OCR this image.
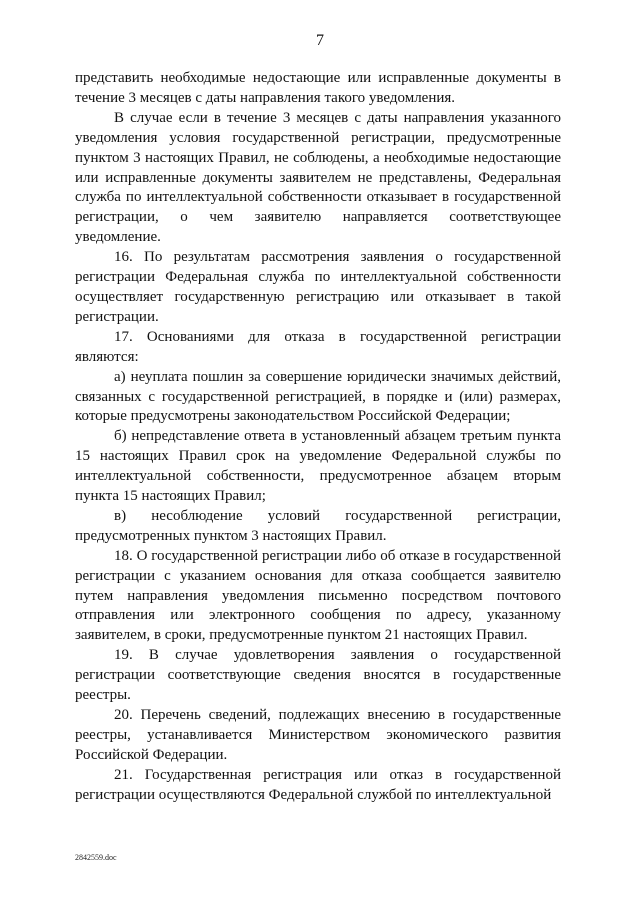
7

представить необходимые недостающие или исправленные документы в течение 3 месяцев с даты направления такого уведомления.

В случае если в течение 3 месяцев с даты направления указанного уведомления условия государственной регистрации, предусмотренные пунктом 3 настоящих Правил, не соблюдены, а необходимые недостающие или исправленные документы заявителем не представлены, Федеральная служба по интеллектуальной собственности отказывает в государственной регистрации, о чем заявителю направляется соответствующее уведомление.

16. По результатам рассмотрения заявления о государственной регистрации Федеральная служба по интеллектуальной собственности осуществляет государственную регистрацию или отказывает в такой регистрации.

17. Основаниями для отказа в государственной регистрации являются:

а) неуплата пошлин за совершение юридически значимых действий, связанных с государственной регистрацией, в порядке и (или) размерах, которые предусмотрены законодательством Российской Федерации;

б) непредставление ответа в установленный абзацем третьим пункта 15 настоящих Правил срок на уведомление Федеральной службы по интеллектуальной собственности, предусмотренное абзацем вторым пункта 15 настоящих Правил;

в) несоблюдение условий государственной регистрации, предусмотренных пунктом 3 настоящих Правил.

18. О государственной регистрации либо об отказе в государственной регистрации с указанием основания для отказа сообщается заявителю путем направления уведомления письменно посредством почтового отправления или электронного сообщения по адресу, указанному заявителем, в сроки, предусмотренные пунктом 21 настоящих Правил.

19. В случае удовлетворения заявления о государственной регистрации соответствующие сведения вносятся в государственные реестры.

20. Перечень сведений, подлежащих внесению в государственные реестры, устанавливается Министерством экономического развития Российской Федерации.

21. Государственная регистрация или отказ в государственной регистрации осуществляются Федеральной службой по интеллектуальной

2842559.doc
